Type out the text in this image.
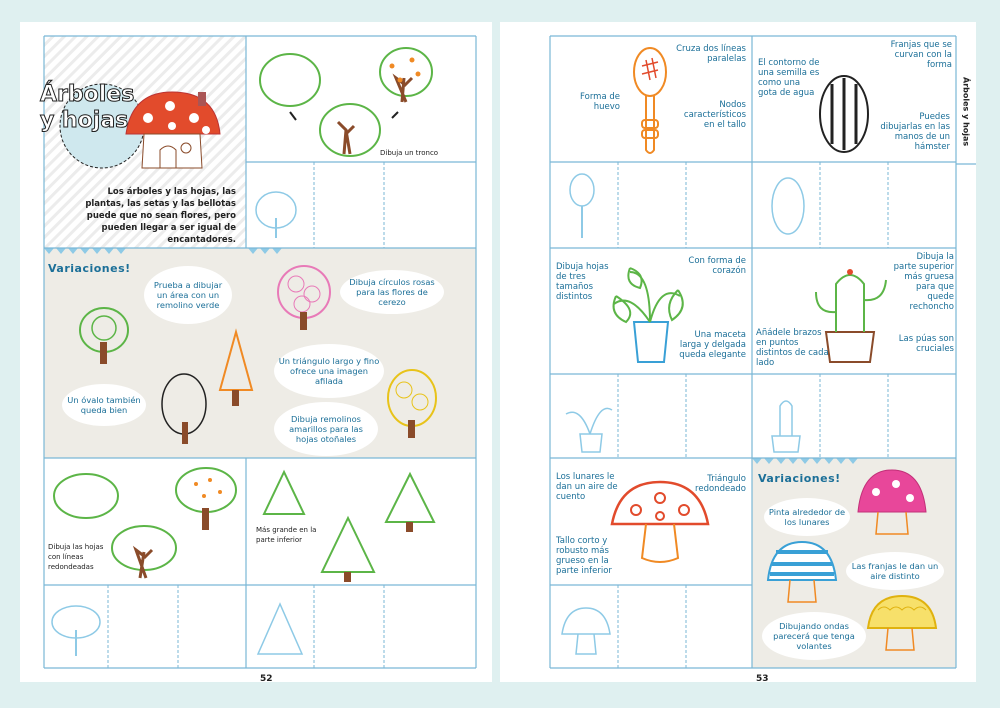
Árboles
y hojas
Los árboles y las hojas, las plantas, las setas y las bellotas puede que no sean flores, pero pueden llegar a ser igual de encantadores.
Dibuja un tronco
Variaciones!
Prueba a dibujar un área con un remolino verde
Dibuja círculos rosas para las flores de cerezo
Un triángulo largo y fino ofrece una imagen afilada
Un óvalo también queda bien
Dibuja remolinos amarillos para las hojas otoñales
Dibuja las hojas con líneas redondeadas
Más grande en la parte inferior
52
Árboles y hojas
Cruza dos líneas paralelas
Forma de huevo	Nodos característicos en el tallo
El contorno de una semilla es como una gota de agua
Franjas que se curvan con la forma
Puedes dibujarlas en las manos de un hámster
Dibuja hojas de tres tamaños distintos
Con forma de corazón
Una maceta larga y delgada queda elegante
Dibuja la parte superior más gruesa para que quede rechoncho
Añádele brazos en puntos distintos de cada lado
Las púas son cruciales
Los lunares le dan un aire de cuento
Triángulo redondeado
Tallo corto y robusto más grueso en la parte inferior
Variaciones!
Pinta alrededor de los lunares
Las franjas le dan un aire distinto
Dibujando ondas parecerá que tenga volantes
53
